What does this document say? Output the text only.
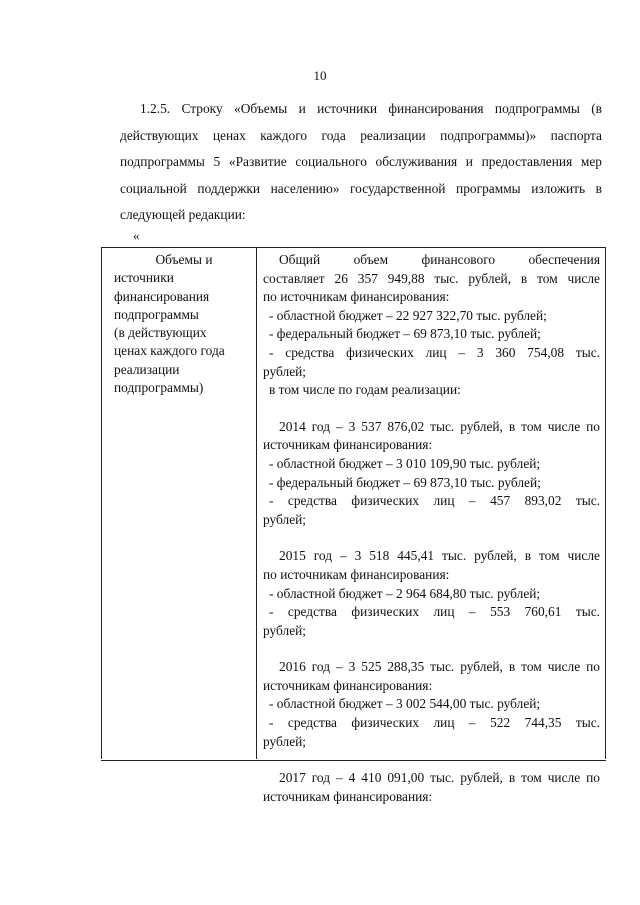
10

1.2.5. Строку «Объемы и источники финансирования подпрограммы (в

действующих ценах каждого года реализации подпрограммы)» паспорта

подпрограммы 5 «Развитие социального обслуживания и предоставления мер

социальной поддержки населению» государственной программы изложить в

следующей редакции:

«
Объемы и
источники
финансирования
подпрограммы
(в действующих
ценах каждого года
реализации
подпрограммы)
Общий объем финансового обеспечения
составляет 26 357 949,88 тыс. рублей, в том числе
по источникам финансирования:
- областной бюджет – 22 927 322,70 тыс. рублей;
- федеральный бюджет – 69 873,10 тыс. рублей;
- средства физических лиц – 3 360 754,08 тыс.
рублей;
в том числе по годам реализации:
2014 год – 3 537 876,02 тыс. рублей, в том числе по
источникам финансирования:
- областной бюджет – 3 010 109,90 тыс. рублей;
- федеральный бюджет – 69 873,10 тыс. рублей;
- средства физических лиц – 457 893,02 тыс.
рублей;
2015 год – 3 518 445,41 тыс. рублей, в том числе
по источникам финансирования:
- областной бюджет – 2 964 684,80 тыс. рублей;
- средства физических лиц – 553 760,61 тыс.
рублей;
2016 год – 3 525 288,35 тыс. рублей, в том числе по
источникам финансирования:
- областной бюджет – 3 002 544,00 тыс. рублей;
- средства физических лиц – 522 744,35 тыс.
рублей;
2017 год – 4 410 091,00 тыс. рублей, в том числе по
источникам финансирования:
